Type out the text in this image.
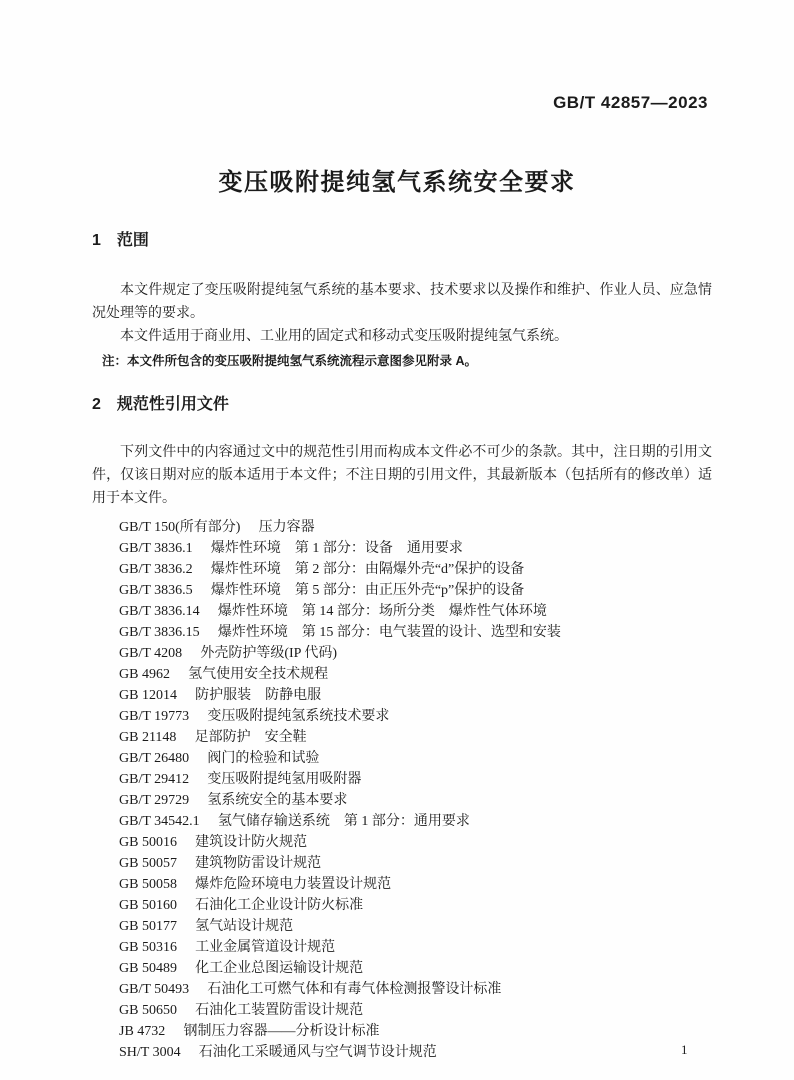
GB/T 42857—2023
变压吸附提纯氢气系统安全要求
1 范围

本文件规定了变压吸附提纯氢气系统的基本要求、技术要求以及操作和维护、作业人员、应急情况处理等的要求。

本文件适用于商业用、工业用的固定式和移动式变压吸附提纯氢气系统。

注：本文件所包含的变压吸附提纯氢气系统流程示意图参见附录 A。

2 规范性引用文件

下列文件中的内容通过文中的规范性引用而构成本文件必不可少的条款。其中，注日期的引用文件，仅该日期对应的版本适用于本文件；不注日期的引用文件，其最新版本（包括所有的修改单）适用于本文件。

GB/T 150(所有部分) 压力容器
GB/T 3836.1 爆炸性环境　第 1 部分：设备　通用要求
GB/T 3836.2 爆炸性环境　第 2 部分：由隔爆外壳“d”保护的设备
GB/T 3836.5 爆炸性环境　第 5 部分：由正压外壳“p”保护的设备
GB/T 3836.14 爆炸性环境　第 14 部分：场所分类　爆炸性气体环境
GB/T 3836.15 爆炸性环境　第 15 部分：电气装置的设计、选型和安装
GB/T 4208 外壳防护等级(IP 代码)
GB 4962 氢气使用安全技术规程
GB 12014 防护服装　防静电服
GB/T 19773 变压吸附提纯氢系统技术要求
GB 21148 足部防护　安全鞋
GB/T 26480 阀门的检验和试验
GB/T 29412 变压吸附提纯氢用吸附器
GB/T 29729 氢系统安全的基本要求
GB/T 34542.1 氢气储存输送系统　第 1 部分：通用要求
GB 50016 建筑设计防火规范
GB 50057 建筑物防雷设计规范
GB 50058 爆炸危险环境电力装置设计规范
GB 50160 石油化工企业设计防火标准
GB 50177 氢气站设计规范
GB 50316 工业金属管道设计规范
GB 50489 化工企业总图运输设计规范
GB/T 50493 石油化工可燃气体和有毒气体检测报警设计标准
GB 50650 石油化工装置防雷设计规范
JB 4732 钢制压力容器——分析设计标准
SH/T 3004 石油化工采暖通风与空气调节设计规范	1
